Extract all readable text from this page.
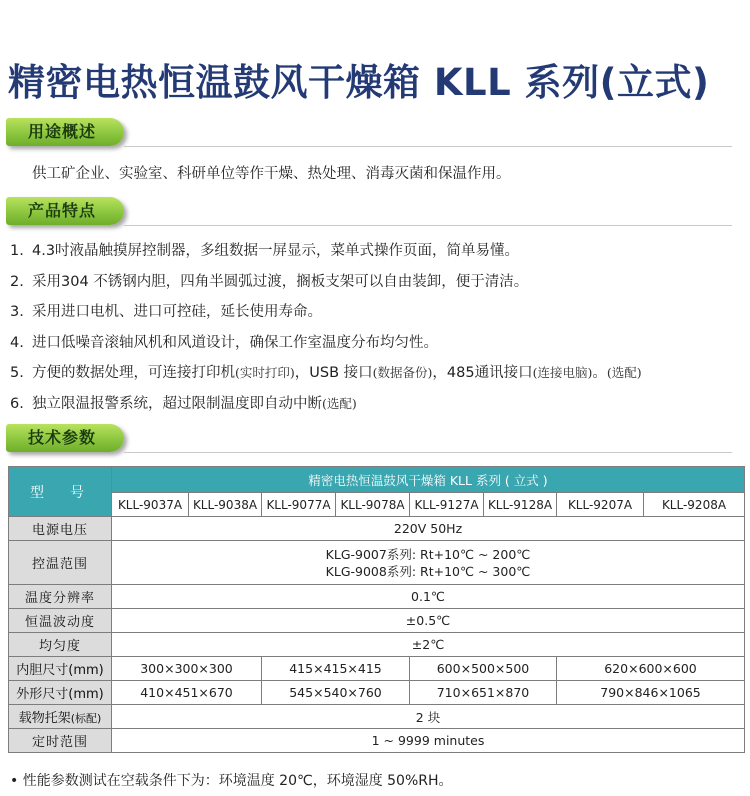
精密电热恒温鼓风干燥箱 KLL 系列(立式)
用途概述
供工矿企业、实验室、科研单位等作干燥、热处理、消毒灭菌和保温作用。
产品特点
1. 4.3吋液晶触摸屏控制器，多组数据一屏显示，菜单式操作页面，简单易懂。
2. 采用304 不锈钢内胆，四角半圆弧过渡，搁板支架可以自由装卸，便于清洁。
3. 采用进口电机、进口可控硅，延长使用寿命。
4. 进口低噪音滚轴风机和风道设计，确保工作室温度分布均匀性。
5. 方便的数据处理，可连接打印机(实时打印)，USB 接口(数据备份)，485通讯接口(连接电脑)。(选配)
6. 独立限温报警系统，超过限制温度即自动中断(选配)
技术参数
型　号	精密电热恒温鼓风干燥箱 KLL 系列 ( 立式 )							
	KLL-9037A	KLL-9038A	KLL-9077A	KLL-9078A	KLL-9127A	KLL-9128A	KLL-9207A	KLL-9208A
电源电压	220V 50Hz							
控温范围	KLG-9007系列: Rt+10℃ ~ 200℃
KLG-9008系列: Rt+10℃ ~ 300℃							

温度分辨率	0.1℃							
恒温波动度	±0.5℃							
均匀度	±2℃							
内胆尺寸(mm)	300×300×300		415×415×415		600×500×500		620×600×600	
外形尺寸(mm)	410×451×670		545×540×760		710×651×870		790×846×1065	
载物托架(标配)	2 块							
定时范围	1 ~ 9999 minutes							
• 性能参数测试在空载条件下为：环境温度 20℃，环境湿度 50%RH。
